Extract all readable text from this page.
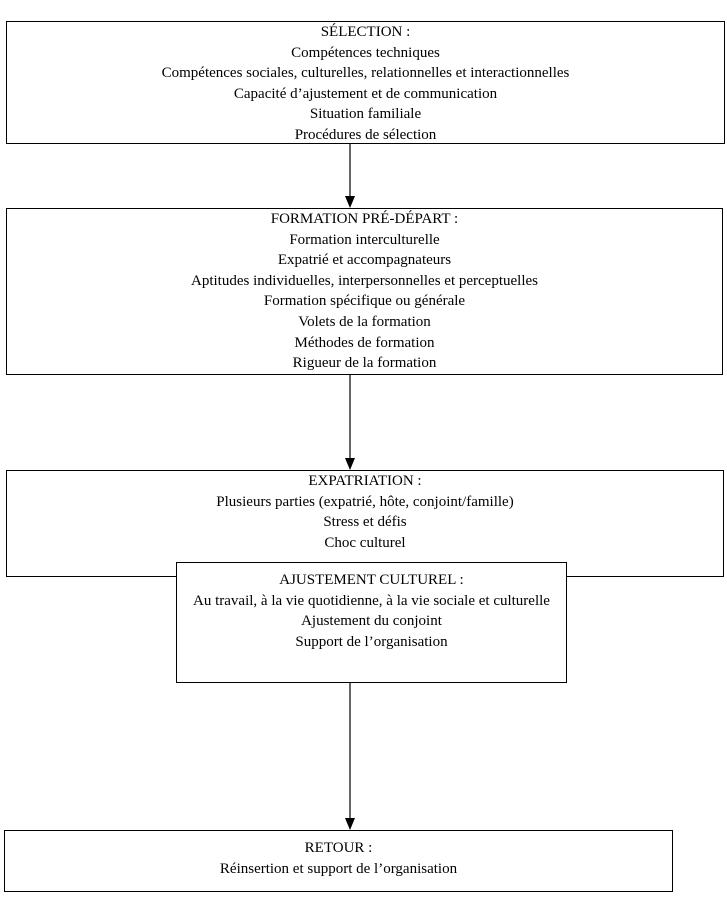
SÉLECTION :
Compétences techniques
Compétences sociales, culturelles, relationnelles et interactionnelles
Capacité d’ajustement et de communication
Situation familiale
Procédures de sélection
FORMATION PRÉ-DÉPART :
Formation interculturelle
Expatrié et accompagnateurs
Aptitudes individuelles, interpersonnelles et perceptuelles
Formation spécifique ou générale
Volets de la formation
Méthodes de formation
Rigueur de la formation
EXPATRIATION :
Plusieurs parties (expatrié, hôte, conjoint/famille)
Stress et défis
Choc culturel
AJUSTEMENT CULTUREL :
Au travail, à la vie quotidienne, à la vie sociale et culturelle
Ajustement du conjoint
Support de l’organisation
RETOUR :
Réinsertion et support de l’organisation
